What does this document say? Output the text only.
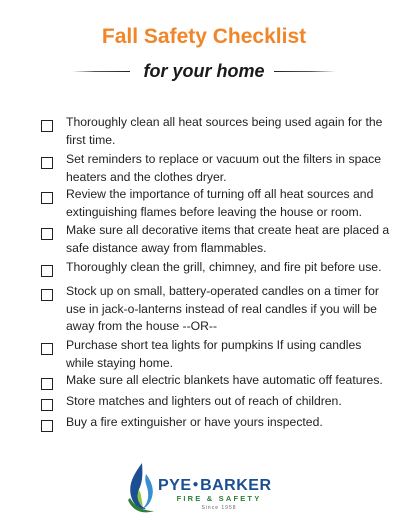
Fall Safety Checklist
for your home
Thoroughly clean all heat sources being used again for the
first time.
Set reminders to replace or vacuum out the filters in space
heaters and the clothes dryer.
Review the importance of turning off all heat sources and
extinguishing flames before leaving the house or room.
Make sure all decorative items that create heat are placed a
safe distance away from flammables.
Thoroughly clean the grill, chimney, and fire pit before use.
Stock up on small, battery-operated candles on a timer for
use in jack-o-lanterns instead of real candles if you will be
away from the house --OR--
Purchase short tea lights for pumpkins If using candles
while staying home.
Make sure all electric blankets have automatic off features.
Store matches and lighters out of reach of children.
Buy a fire extinguisher or have yours inspected.
PYE●BARKER
FIRE & SAFETY
Since 1958
